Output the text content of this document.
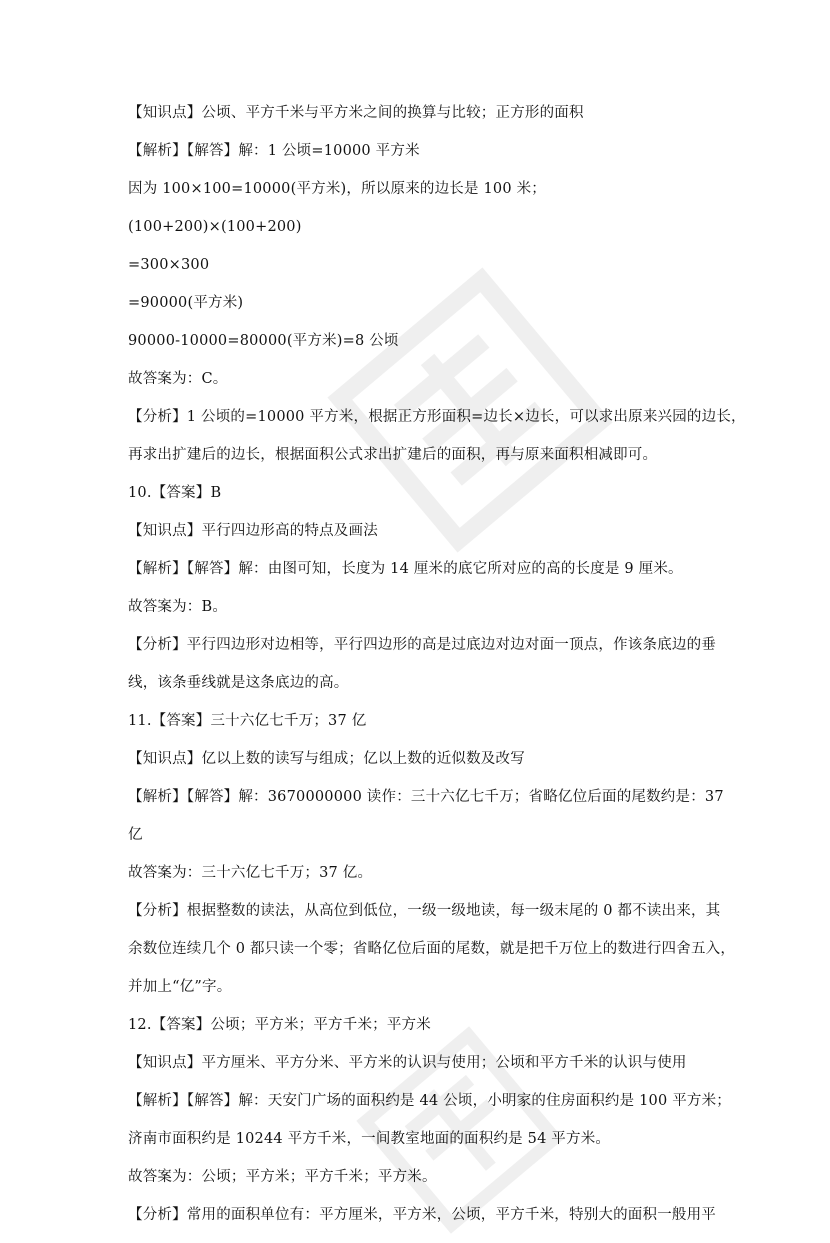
【知识点】公顷、平方千米与平方米之间的换算与比较；正方形的面积
【解析】【解答】解：1 公顷=10000 平方米
因为 100×100=10000(平方米)，所以原来的边长是 100 米；
(100+200)×(100+200)
=300×300
=90000(平方米)
90000-10000=80000(平方米)=8 公顷
故答案为：C。
【分析】1 公顷的=10000 平方米，根据正方形面积=边长×边长，可以求出原来兴园的边长，
再求出扩建后的边长，根据面积公式求出扩建后的面积，再与原来面积相减即可。
10.【答案】B
【知识点】平行四边形高的特点及画法
【解析】【解答】解：由图可知，长度为 14 厘米的底它所对应的高的长度是 9 厘米。
故答案为：B。
【分析】平行四边形对边相等，平行四边形的高是过底边对边对面一顶点，作该条底边的垂
线，该条垂线就是这条底边的高。
11.【答案】三十六亿七千万；37 亿
【知识点】亿以上数的读写与组成；亿以上数的近似数及改写
【解析】【解答】解：3670000000 读作：三十六亿七千万；省略亿位后面的尾数约是：37
亿
故答案为：三十六亿七千万；37 亿。
【分析】根据整数的读法，从高位到低位，一级一级地读，每一级末尾的 0 都不读出来，其
余数位连续几个 0 都只读一个零；省略亿位后面的尾数，就是把千万位上的数进行四舍五入，
并加上“亿”字。
12.【答案】公顷；平方米；平方千米；平方米
【知识点】平方厘米、平方分米、平方米的认识与使用；公顷和平方千米的认识与使用
【解析】【解答】解：天安门广场的面积约是 44 公顷，小明家的住房面积约是 100 平方米；
济南市面积约是 10244 平方千米，一间教室地面的面积约是 54 平方米。
故答案为：公顷；平方米；平方千米；平方米。
【分析】常用的面积单位有：平方厘米，平方米，公顷，平方千米，特别大的面积一般用平
